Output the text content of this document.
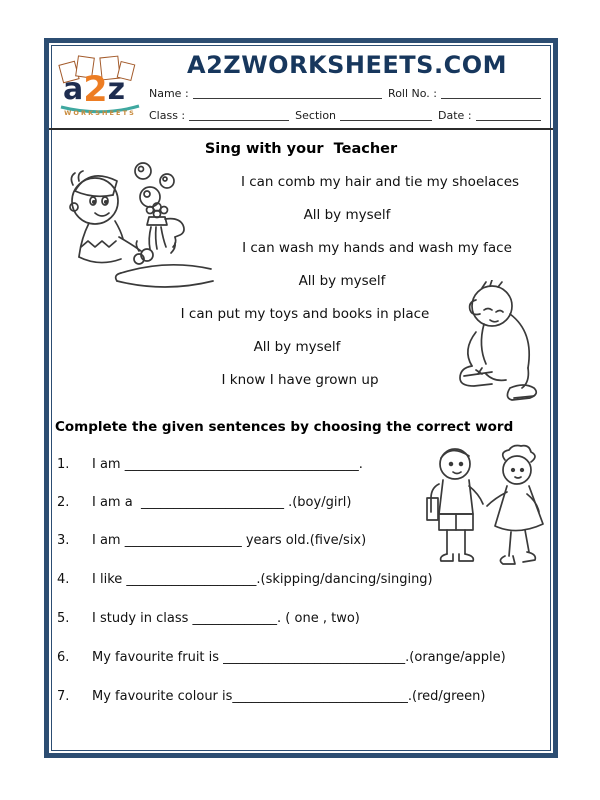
a2z
WORKSHEETS
A2ZWORKSHEETS.COM
Name :	Roll No. :
Class :	Section	Date :
Sing with your  Teacher
I can comb my hair and tie my shoelaces
All by myself
I can wash my hands and wash my face
All by myself
I can put my toys and books in place
All by myself
I know I have grown up
Complete the given sentences by choosing the correct word
1.	I am ____________________________________.
2.	I am a  ______________________ .(boy/girl)
3.	I am __________________ years old.(five/six)
4.	I like ____________________.(skipping/dancing/singing)
5.	I study in class _____________. ( one , two)
6.	My favourite fruit is ____________________________.(orange/apple)
7.	My favourite colour is___________________________.(red/green)
